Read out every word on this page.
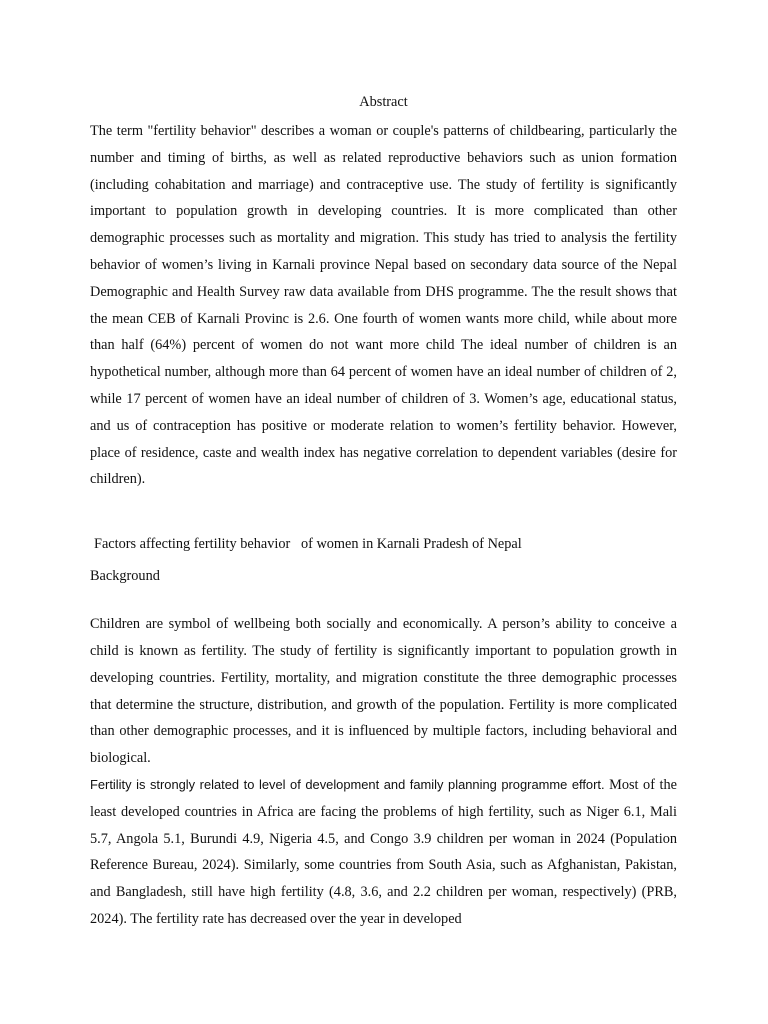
Abstract

The term "fertility behavior" describes a woman or couple's patterns of childbearing, particularly the number and timing of births, as well as related reproductive behaviors such as union formation (including cohabitation and marriage) and contraceptive use. The study of fertility is significantly important to population growth in developing countries. It is more complicated than other demographic processes such as mortality and migration. This study has tried to analysis the fertility behavior of women’s living in Karnali province Nepal based on secondary data source of the Nepal Demographic and Health Survey raw data available from DHS programme. The the result shows that the mean CEB of Karnali Provinc is 2.6. One fourth of women wants more child, while about more than half (64%) percent of women do not want more child The ideal number of children is an hypothetical number, although more than 64 percent of women have an ideal number of children of 2, while 17 percent of women have an ideal number of children of 3. Women’s age, educational status, and us of contraception has positive or moderate relation to women’s fertility behavior. However, place of residence, caste and wealth index has negative correlation to dependent variables (desire for children).

Factors affecting fertility behavior   of women in Karnali Pradesh of Nepal
Background

Children are symbol of wellbeing both socially and economically. A person’s ability to conceive a child is known as fertility. The study of fertility is significantly important to population growth in developing countries. Fertility, mortality, and migration constitute the three demographic processes that determine the structure, distribution, and growth of the population. Fertility is more complicated than other demographic processes, and it is influenced by multiple factors, including behavioral and biological.

Fertility is strongly related to level of development and family planning programme effort. Most of the least developed countries in Africa are facing the problems of high fertility, such as Niger 6.1, Mali 5.7, Angola 5.1, Burundi 4.9, Nigeria 4.5, and Congo 3.9 children per woman in 2024 (Population Reference Bureau, 2024). Similarly, some countries from South Asia, such as Afghanistan, Pakistan, and Bangladesh, still have high fertility (4.8, 3.6, and 2.2 children per woman, respectively) (PRB, 2024). The fertility rate has decreased over the year in developed
